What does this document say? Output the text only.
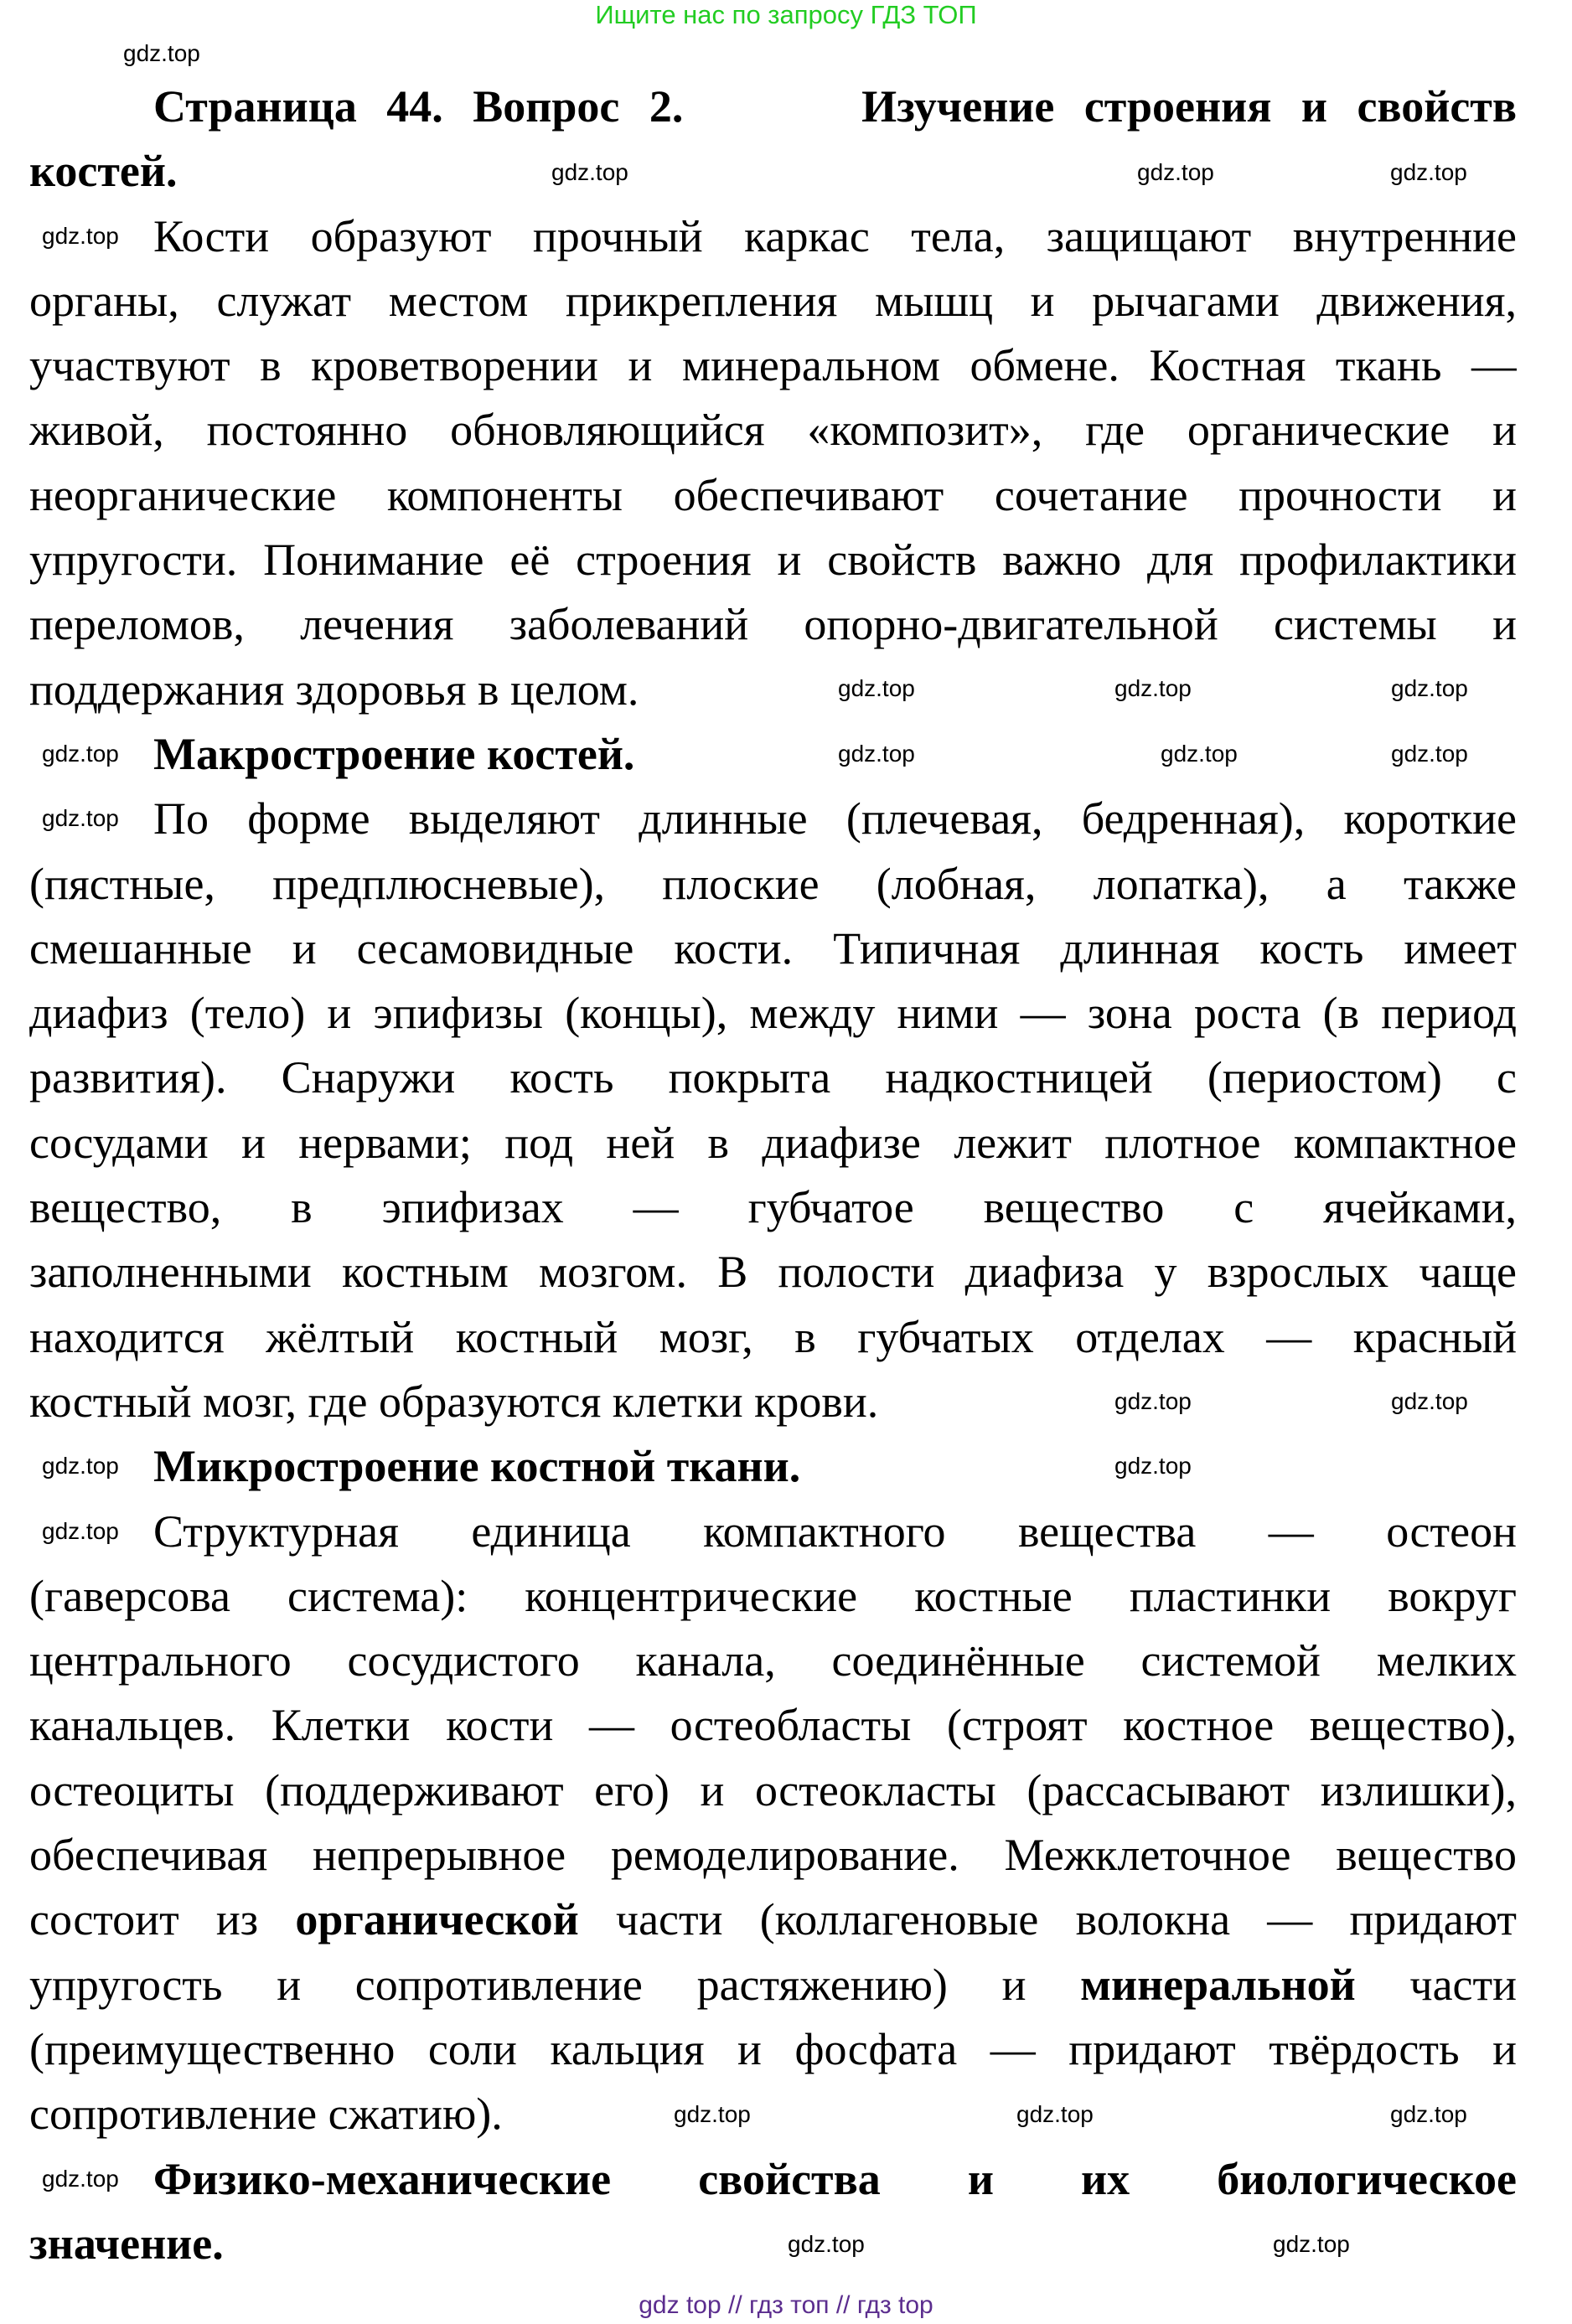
Ищите нас по запросу ГДЗ ТОП
Страница 44. Вопрос 2.	Изучение строения и свойств
костей.
Кости образуют прочный каркас тела, защищают внутренние
органы, служат местом прикрепления мышц и рычагами движения,
участвуют в кроветворении и минеральном обмене. Костная ткань —
живой, постоянно обновляющийся «композит», где органические и
неорганические компоненты обеспечивают сочетание прочности и
упругости. Понимание её строения и свойств важно для профилактики
переломов, лечения заболеваний опорно-двигательной системы и
поддержания здоровья в целом.
Макростроение костей.
По форме выделяют длинные (плечевая, бедренная), короткие
(пястные, предплюсневые), плоские (лобная, лопатка), а также
смешанные и сесамовидные кости. Типичная длинная кость имеет
диафиз (тело) и эпифизы (концы), между ними — зона роста (в период
развития). Снаружи кость покрыта надкостницей (периостом) с
сосудами и нервами; под ней в диафизе лежит плотное компактное
вещество, в эпифизах — губчатое вещество с ячейками,
заполненными костным мозгом. В полости диафиза у взрослых чаще
находится жёлтый костный мозг, в губчатых отделах — красный
костный мозг, где образуются клетки крови.
Микростроение костной ткани.
Структурная единица компактного вещества — остеон
(гаверсова система): концентрические костные пластинки вокруг
центрального сосудистого канала, соединённые системой мелких
канальцев. Клетки кости — остеобласты (строят костное вещество),
остеоциты (поддерживают его) и остеокласты (рассасывают излишки),
обеспечивая непрерывное ремоделирование. Межклеточное вещество
состоит из органической части (коллагеновые волокна — придают
упругость и сопротивление растяжению) и минеральной части
(преимущественно соли кальция и фосфата — придают твёрдость и
сопротивление сжатию).
Физико-механические свойства и их биологическое
значение.
gdz.top
gdz.top	gdz.top	gdz.top
gdz.top
gdz.top	gdz.top	gdz.top
gdz.top	gdz.top	gdz.top	gdz.top
gdz.top
gdz.top	gdz.top
gdz.top	gdz.top
gdz.top
gdz.top	gdz.top	gdz.top
gdz.top
gdz.top	gdz.top
gdz top // гдз топ // гдз top
